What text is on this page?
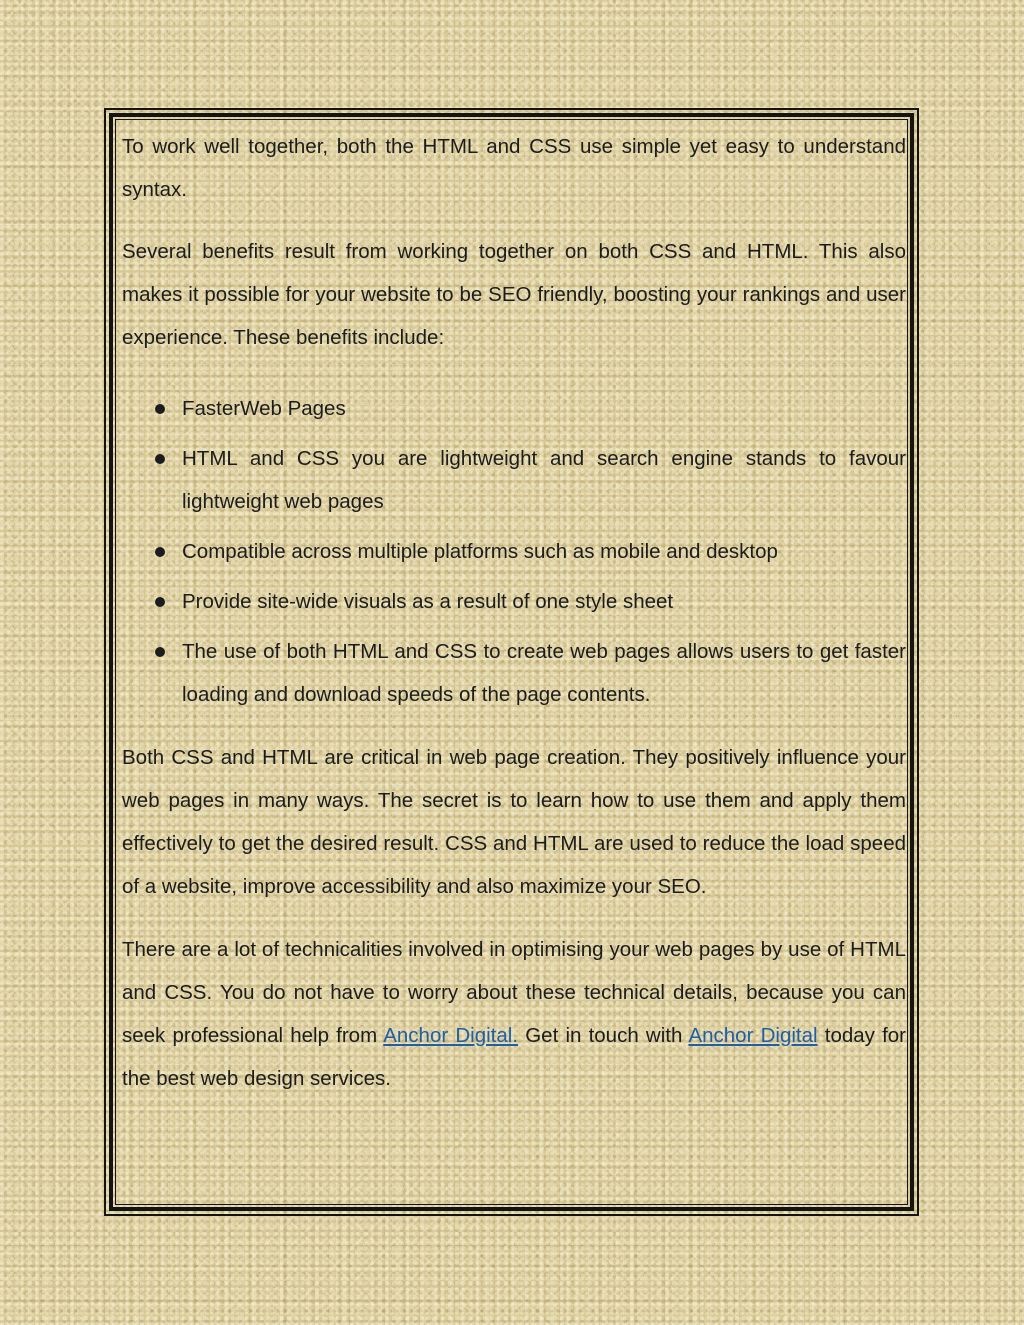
To work well together, both the HTML and CSS use simple yet easy to understand syntax.

Several benefits result from working together on both CSS and HTML. This also makes it possible for your website to be SEO friendly, boosting your rankings and user experience. These benefits include:

FasterWeb Pages
HTML and CSS you are lightweight and search engine stands to favour lightweight web pages
Compatible across multiple platforms such as mobile and desktop
Provide site-wide visuals as a result of one style sheet
The use of both HTML and CSS to create web pages allows users to get faster loading and download speeds of the page contents.

Both CSS and HTML are critical in web page creation. They positively influence your web pages in many ways. The secret is to learn how to use them and apply them effectively to get the desired result. CSS and HTML are used to reduce the load speed of a website, improve accessibility and also maximize your SEO.

There are a lot of technicalities involved in optimising your web pages by use of HTML and CSS. You do not have to worry about these technical details, because you can seek professional help from Anchor Digital. Get in touch with Anchor Digital today for the best web design services.
